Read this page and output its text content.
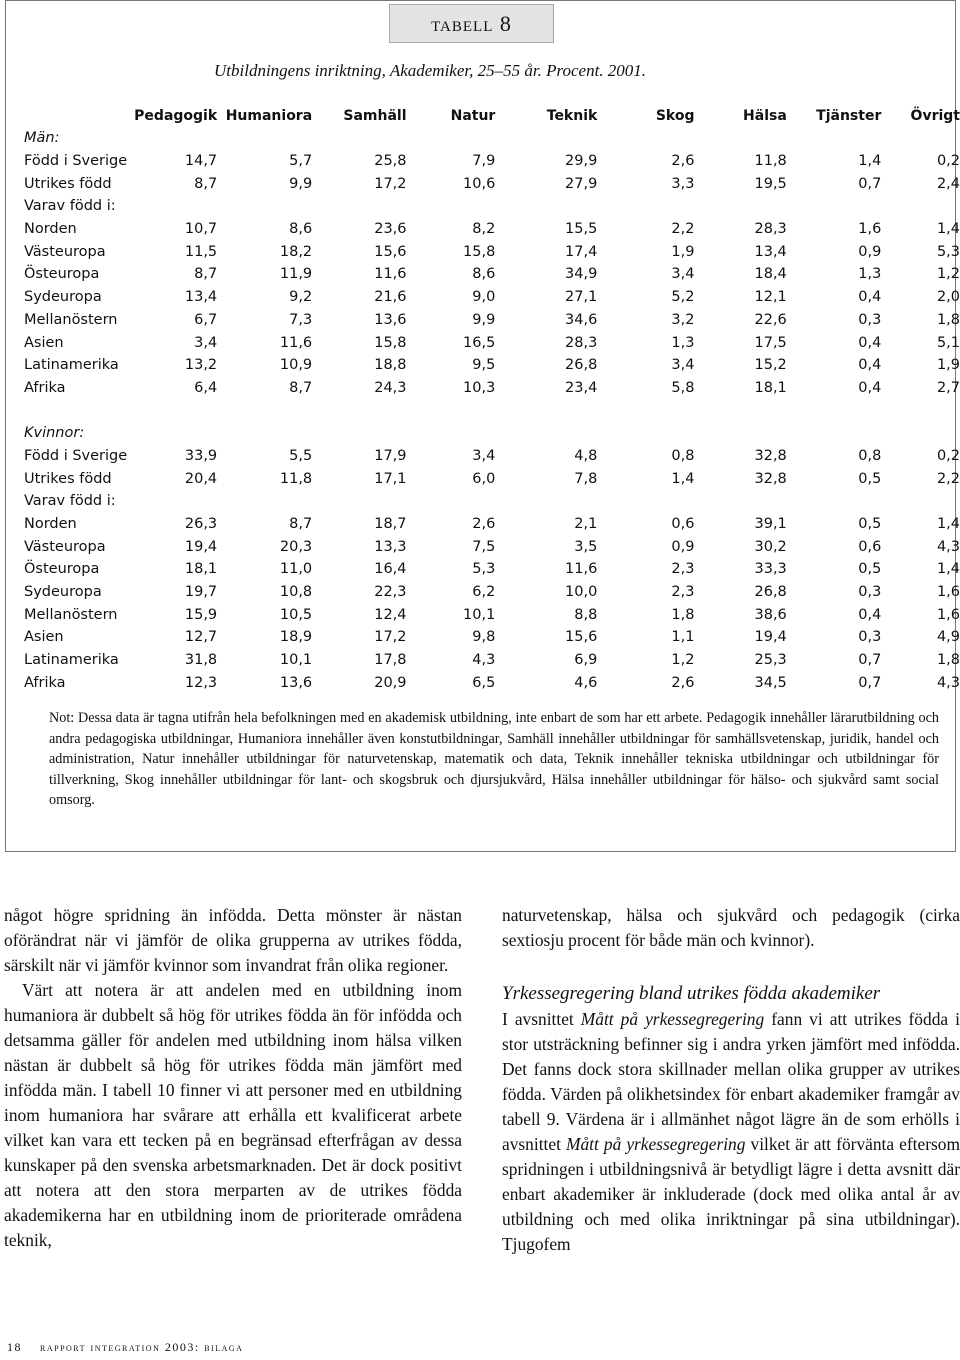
tabell 8
Utbildningens inriktning, Akademiker, 25–55 år. Procent. 2001.
	Pedagogik	Humaniora	Samhäll	Natur	Teknik	Skog	Hälsa	Tjänster	Övrigt
Män:									
Född i Sverige	14,7	5,7	25,8	7,9	29,9	2,6	11,8	1,4	0,2
Utrikes född	8,7	9,9	17,2	10,6	27,9	3,3	19,5	0,7	2,4
Varav född i:									
Norden	10,7	8,6	23,6	8,2	15,5	2,2	28,3	1,6	1,4
Västeuropa	11,5	18,2	15,6	15,8	17,4	1,9	13,4	0,9	5,3
Östeuropa	8,7	11,9	11,6	8,6	34,9	3,4	18,4	1,3	1,2
Sydeuropa	13,4	9,2	21,6	9,0	27,1	5,2	12,1	0,4	2,0
Mellanöstern	6,7	7,3	13,6	9,9	34,6	3,2	22,6	0,3	1,8
Asien	3,4	11,6	15,8	16,5	28,3	1,3	17,5	0,4	5,1
Latinamerika	13,2	10,9	18,8	9,5	26,8	3,4	15,2	0,4	1,9
Afrika	6,4	8,7	24,3	10,3	23,4	5,8	18,1	0,4	2,7

Kvinnor:									
Född i Sverige	33,9	5,5	17,9	3,4	4,8	0,8	32,8	0,8	0,2
Utrikes född	20,4	11,8	17,1	6,0	7,8	1,4	32,8	0,5	2,2
Varav född i:									
Norden	26,3	8,7	18,7	2,6	2,1	0,6	39,1	0,5	1,4
Västeuropa	19,4	20,3	13,3	7,5	3,5	0,9	30,2	0,6	4,3
Östeuropa	18,1	11,0	16,4	5,3	11,6	2,3	33,3	0,5	1,4
Sydeuropa	19,7	10,8	22,3	6,2	10,0	2,3	26,8	0,3	1,6
Mellanöstern	15,9	10,5	12,4	10,1	8,8	1,8	38,6	0,4	1,6
Asien	12,7	18,9	17,2	9,8	15,6	1,1	19,4	0,3	4,9
Latinamerika	31,8	10,1	17,8	4,3	6,9	1,2	25,3	0,7	1,8
Afrika	12,3	13,6	20,9	6,5	4,6	2,6	34,5	0,7	4,3
Not: Dessa data är tagna utifrån hela befolkningen med en akademisk utbildning, inte enbart de som har ett arbete. Pedagogik innehåller lärarutbildning och andra pedagogiska utbildningar, Humaniora innehåller även konstutbildningar, Samhäll innehåller utbildningar för samhällsvetenskap, juridik, handel och administration, Natur innehåller utbildningar för naturvetenskap, matematik och data, Teknik innehåller tekniska utbildningar och utbildningar för tillverkning, Skog innehåller utbildningar för lant- och skogsbruk och djursjukvård, Hälsa innehåller utbildningar för hälso- och sjukvård samt social omsorg.

något högre spridning än infödda. Detta mönster är nästan oförändrat när vi jämför de olika grupperna av utrikes födda, särskilt när vi jämför kvinnor som invandrat från olika regioner.

Värt att notera är att andelen med en utbildning inom humaniora är dubbelt så hög för utrikes födda än för infödda och detsamma gäller för andelen med utbildning inom hälsa vilken nästan är dubbelt så hög för utrikes födda män jämfört med infödda män. I tabell 10 finner vi att personer med en utbildning inom humaniora har svårare att erhålla ett kvalificerat arbete vilket kan vara ett tecken på en begränsad efterfrågan av dessa kunskaper på den svenska arbetsmarknaden. Det är dock positivt att notera att den stora merparten av de utrikes födda akademikerna har en utbildning inom de prioriterade områdena teknik,

naturvetenskap, hälsa och sjukvård och pedagogik (cirka sextiosju procent för både män och kvinnor).

Yrkessegregering bland utrikes födda akademiker

I avsnittet Mått på yrkessegregering fann vi att utrikes födda i stor utsträckning befinner sig i andra yrken jämfört med infödda. Det fanns dock stora skillnader mellan olika grupper av utrikes födda. Värden på olikhetsindex för enbart akademiker framgår av tabell 9. Värdena är i allmänhet något lägre än de som erhölls i avsnittet Mått på yrkessegregering vilket är att förvänta eftersom spridningen i utbildningsnivå är betydligt lägre i detta avsnitt där enbart akademiker är inkluderade (dock med olika antal år av utbildning och med olika inriktningar på sina utbildningar). Tjugofem

18 rapport integration 2003: bilaga
